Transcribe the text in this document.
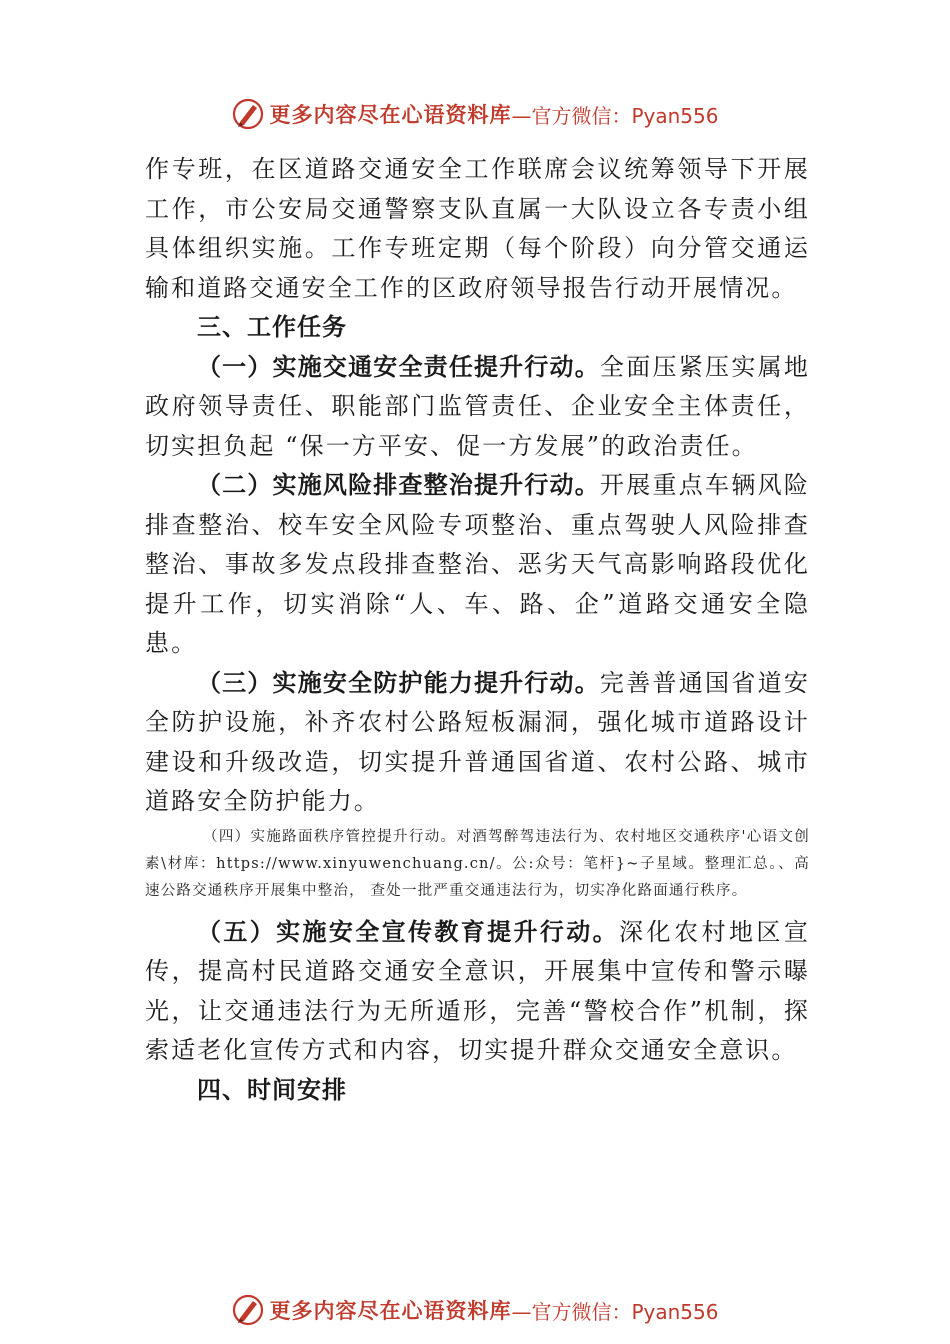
更多内容尽在心语资料库 —官方微信：Pyan556

作专班，在区道路交通安全工作联席会议统筹领导下开展工作，市公安局交通警察支队直属一大队设立各专责小组具体组织实施。工作专班定期（每个阶段）向分管交通运输和道路交通安全工作的区政府领导报告行动开展情况。

三、工作任务

（一）实施交通安全责任提升行动。全面压紧压实属地政府领导责任、职能部门监管责任、企业安全主体责任，切实担负起 “保一方平安、促一方发展”的政治责任。

（二）实施风险排查整治提升行动。开展重点车辆风险排查整治、校车安全风险专项整治、重点驾驶人风险排查整治、事故多发点段排查整治、恶劣天气高影响路段优化提升工作，切实消除“人、车、路、企”道路交通安全隐患。

（三）实施安全防护能力提升行动。完善普通国省道安全防护设施，补齐农村公路短板漏洞，强化城市道路设计建设和升级改造，切实提升普通国省道、农村公路、城市道路安全防护能力。

（四）实施路面秩序管控提升行动。对酒驾醉驾违法行为、农村地区交通秩序'心语文创素\材库：https://www.xinyuwenchuang.cn/。公:众号：笔杆}~子星域。整理汇总。、高速公路交通秩序开展集中整治， 查处一批严重交通违法行为，切实净化路面通行秩序。

（五）实施安全宣传教育提升行动。深化农村地区宣传，提高村民道路交通安全意识，开展集中宣传和警示曝光，让交通违法行为无所遁形，完善“警校合作”机制，探索适老化宣传方式和内容，切实提升群众交通安全意识。

四、时间安排

更多内容尽在心语资料库 —官方微信：Pyan556
